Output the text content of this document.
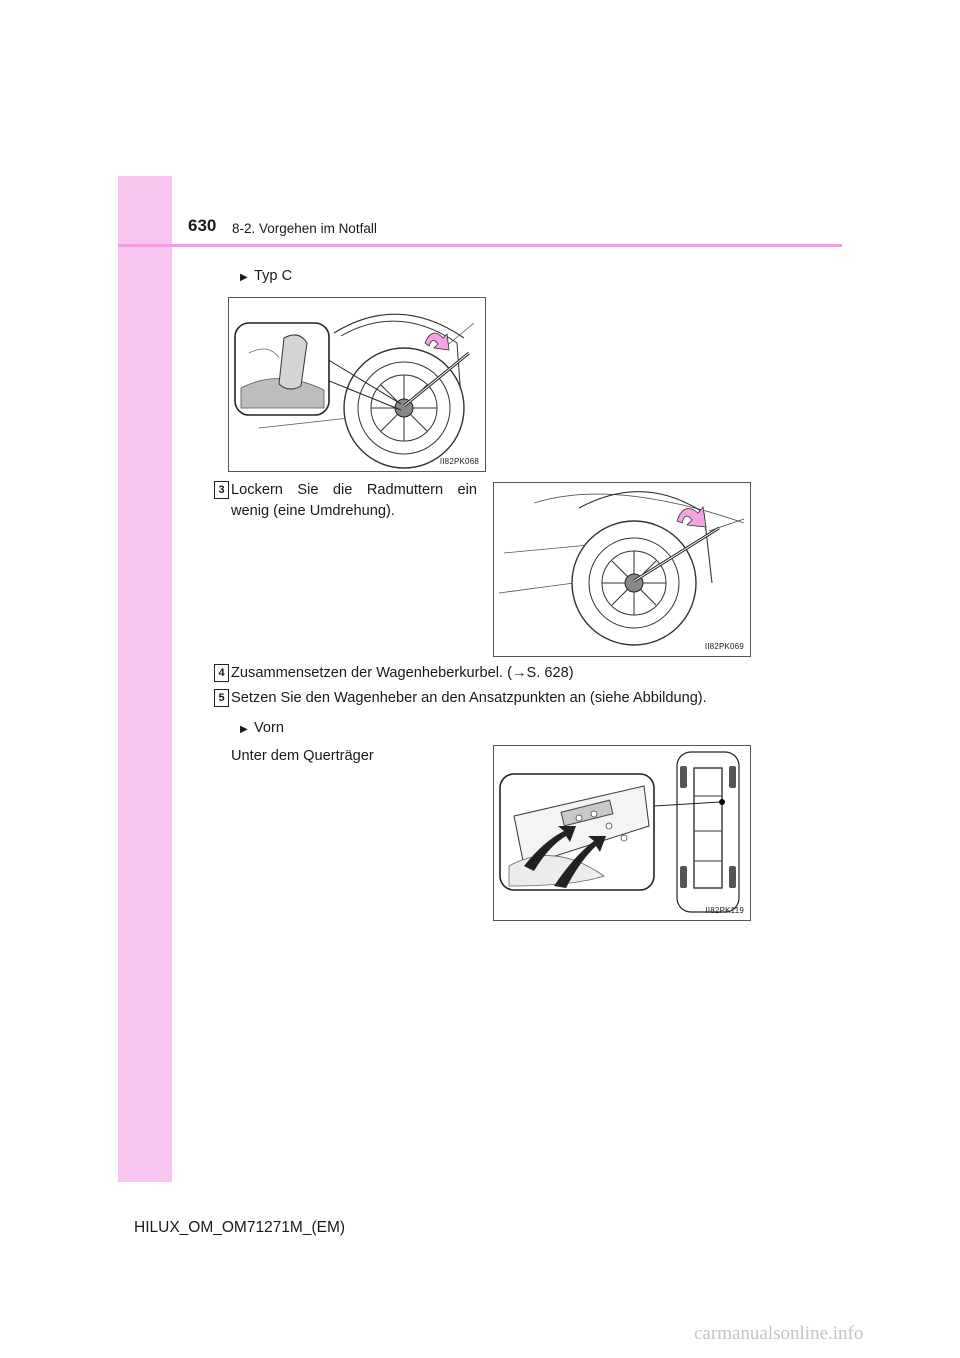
630 8-2. Vorgehen im Notfall
▶ Typ C
II82PK068
3 Lockern Sie die Radmuttern ein
wenig (eine Umdrehung).
II82PK069
4 Zusammensetzen der Wagenheberkurbel. (→S. 628)
5 Setzen Sie den Wagenheber an den Ansatzpunkten an (siehe Abbildung).
▶ Vorn
Unter dem Querträger
II82PK119
HILUX_OM_OM71271M_(EM)
carmanualsonline.info
